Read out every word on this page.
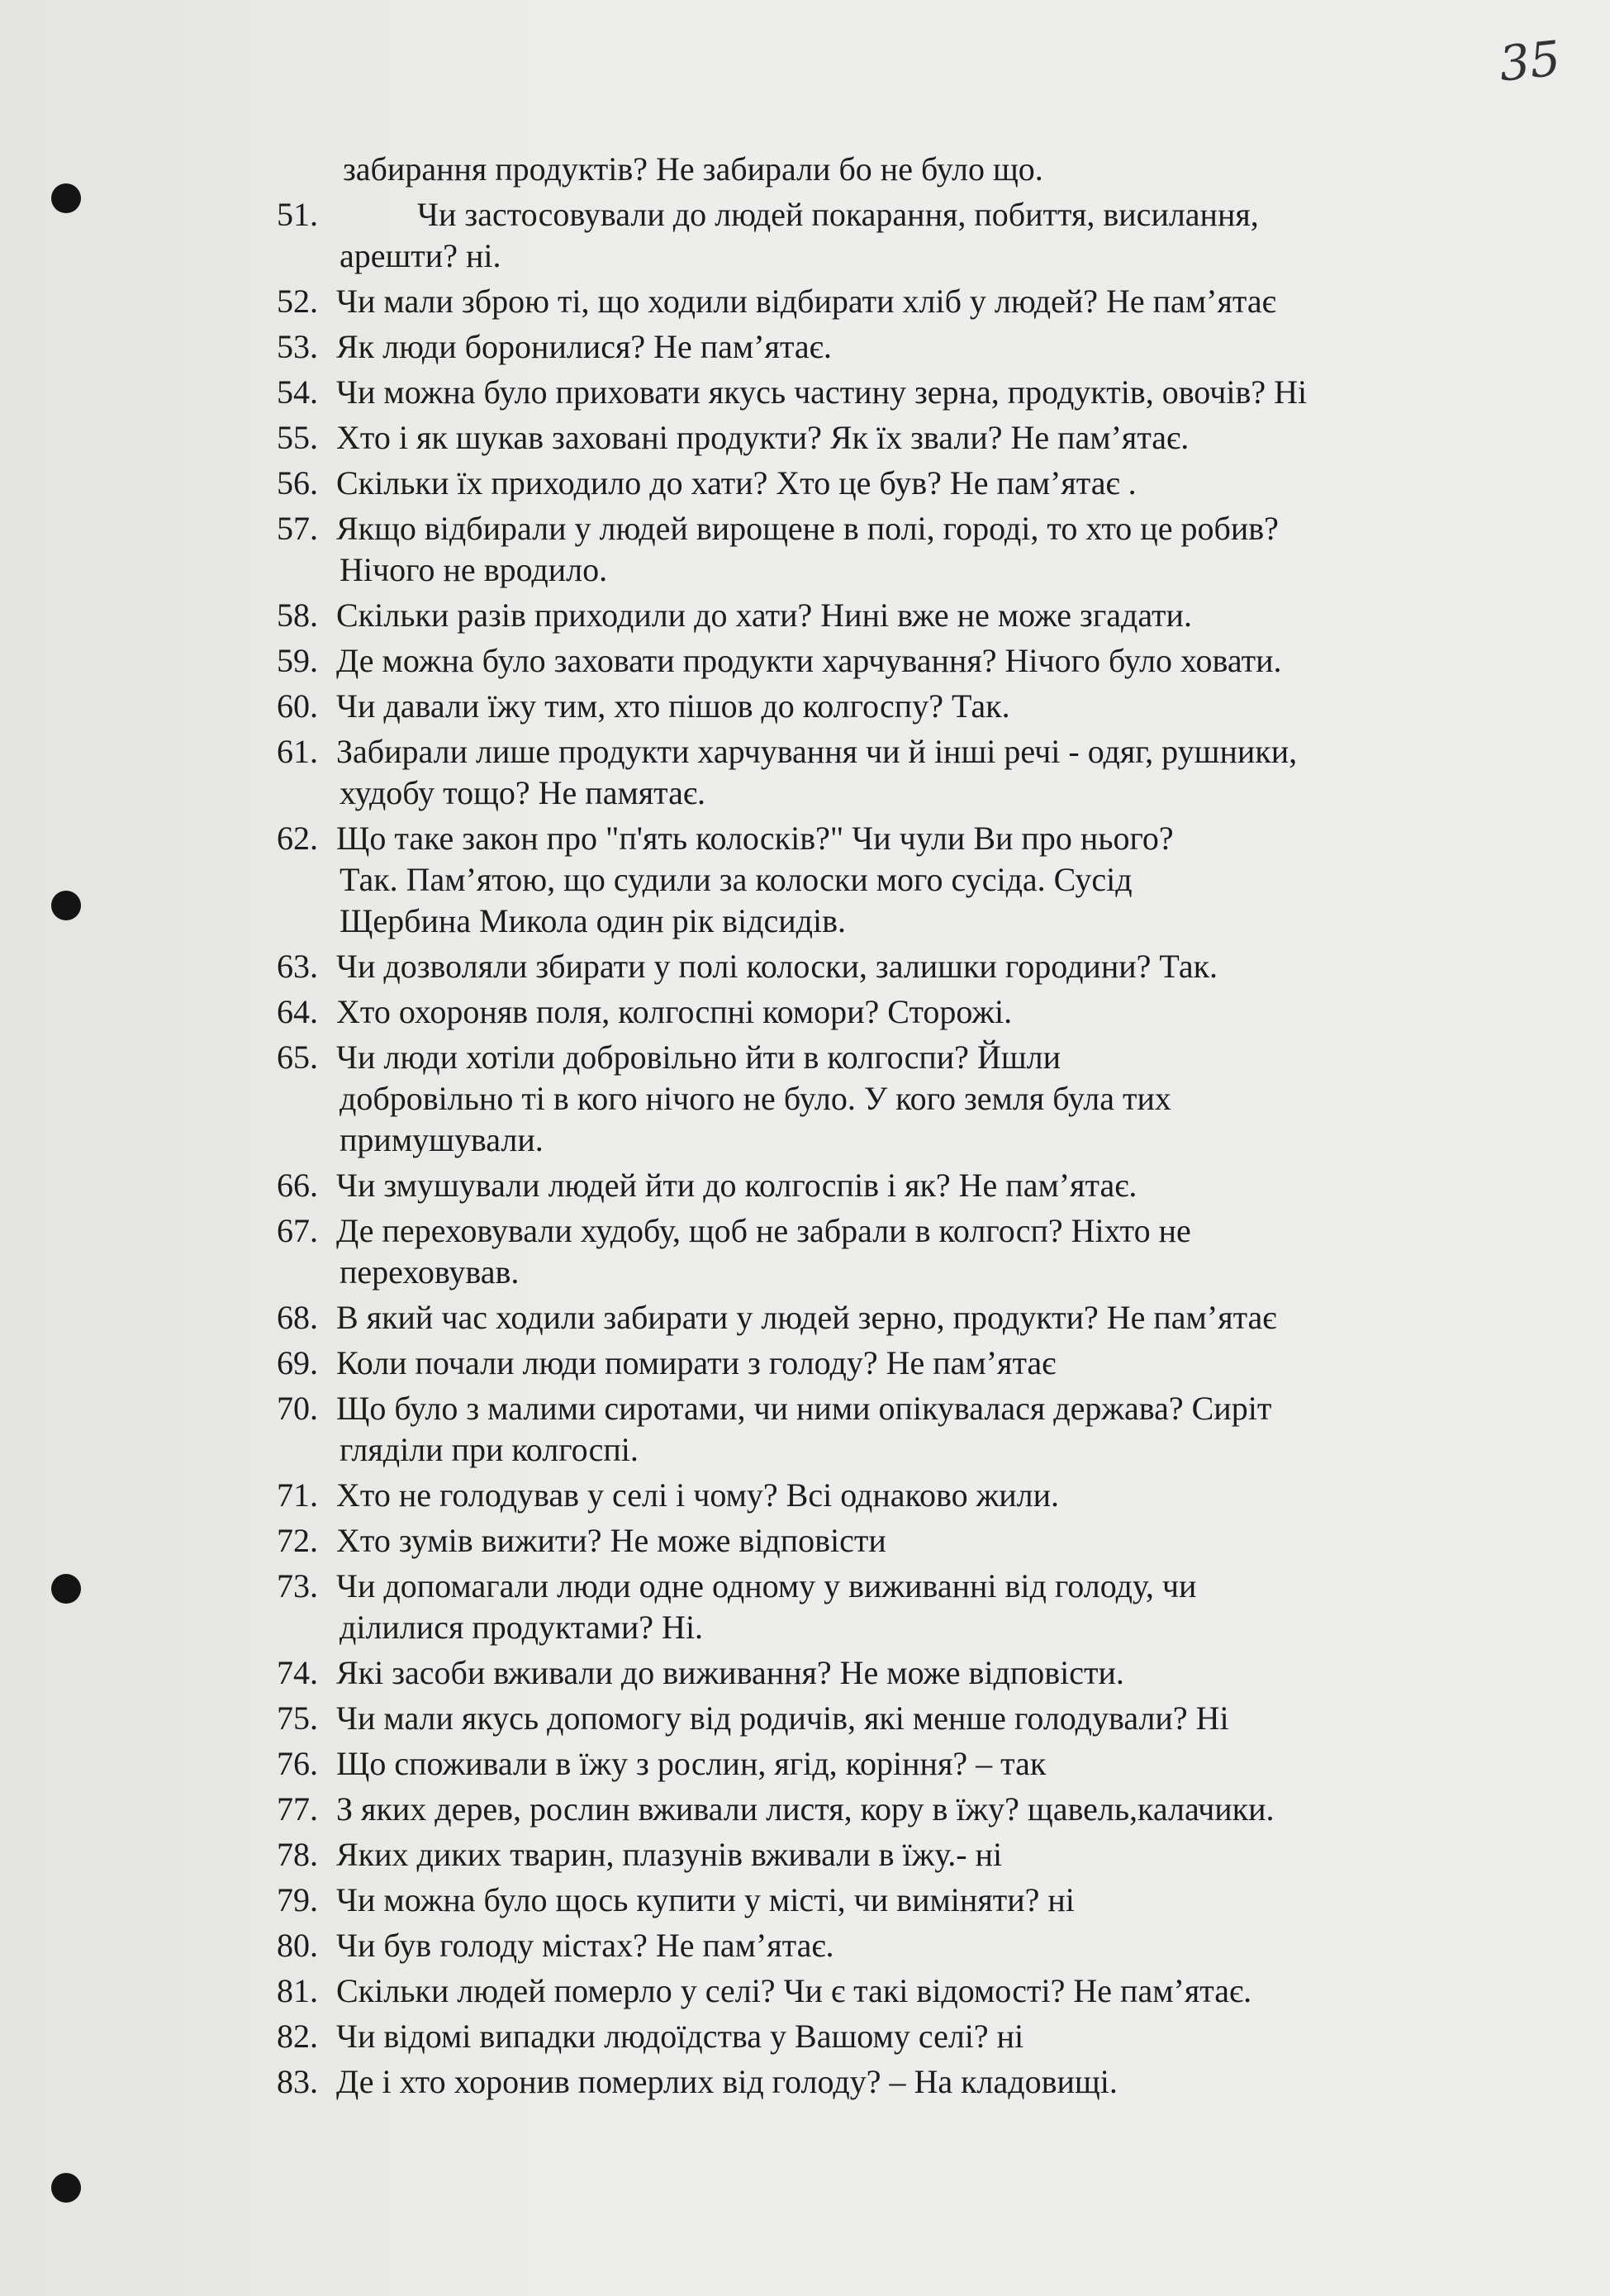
35
забирання продуктів? Не забирали бо не було що.
51.	Чи застосовували до людей покарання, побиття, висилання,
арешти? ні.
52. Чи мали зброю ті, що ходили відбирати хліб у людей? Не пам’ятає
53. Як люди боронилися? Не пам’ятає.
54. Чи можна було приховати якусь частину зерна, продуктів, овочів? Ні
55. Хто і як шукав заховані продукти? Як їх звали? Не пам’ятає.
56. Скільки їх приходило до хати? Хто це був? Не пам’ятає .
57. Якщо відбирали у людей вирощене в полі, городі, то хто це робив?
Нічого не вродило.
58. Скільки разів приходили до хати? Нині вже не може згадати.
59. Де можна було заховати продукти харчування? Нічого було ховати.
60. Чи давали їжу тим, хто пішов до колгоспу? Так.
61. Забирали лише продукти харчування чи й інші речі - одяг, рушники,
худобу тощо? Не памятає.
62. Що таке закон про "п'ять колосків?" Чи чули Ви про нього?
Так. Пам’ятою, що судили за колоски мого сусіда. Сусід
Щербина Микола один рік відсидів.
63. Чи дозволяли збирати у полі колоски, залишки городини? Так.
64. Хто охороняв поля, колгоспні комори? Сторожі.
65. Чи люди хотіли добровільно йти в колгоспи? Йшли
добровільно ті в кого нічого не було. У кого земля була тих
примушували.
66. Чи змушували людей йти до колгоспів і як? Не пам’ятає.
67. Де переховували худобу, щоб не забрали в колгосп? Ніхто не
переховував.
68. В який час ходили забирати у людей зерно, продукти? Не пам’ятає
69. Коли почали люди помирати з голоду? Не пам’ятає
70. Що було з малими сиротами, чи ними опікувалася держава? Сиріт
гляділи при колгоспі.
71. Хто не голодував у селі і чому? Всі однаково жили.
72. Хто зумів вижити? Не може відповісти
73. Чи допомагали люди одне одному у виживанні від голоду, чи
ділилися продуктами? Ні.
74. Які засоби вживали до виживання? Не може відповісти.
75. Чи мали якусь допомогу від родичів, які менше голодували? Ні
76. Що споживали в їжу з рослин, ягід, коріння? – так
77. З яких дерев, рослин вживали листя, кору в їжу? щавель,калачики.
78. Яких диких тварин, плазунів вживали в їжу.- ні
79. Чи можна було щось купити у місті, чи виміняти? ні
80. Чи був голоду містах? Не пам’ятає.
81. Скільки людей померло у селі? Чи є такі відомості? Не пам’ятає.
82. Чи відомі випадки людоїдства у Вашому селі? ні
83. Де і хто хоронив померлих від голоду? – На кладовищі.
